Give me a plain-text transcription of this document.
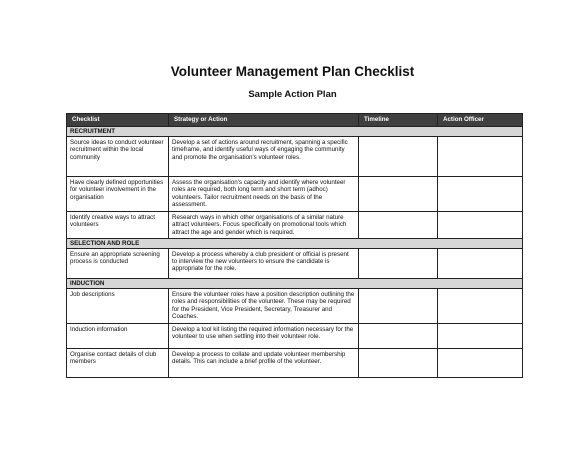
Volunteer Management Plan Checklist
Sample Action Plan
Checklist	Strategy or Action	Timeline	Action Officer
RECRUITMENT			
Source ideas to conduct volunteer recruitment within the local community	Develop a set of actions around recruitment, spanning a specific timeframe, and identify useful ways of engaging the community and promote the organisation's volunteer roles.		
Have clearly defined opportunities for volunteer involvement in the organisation	Assess the organisation's capacity and identify where volunteer roles are required, both long term and short term (adhoc) volunteers. Tailor recruitment needs on the basis of the assessment.		
Identify creative ways to attract volunteers	Research ways in which other organisations of a similar nature attract volunteers. Focus specifically on promotional tools which attract the age and gender which is required.		
SELECTION AND ROLE			
Ensure an appropriate screening process is conducted	Develop a process whereby a club president or official is present to interview the new volunteers to ensure the candidate is appropriate for the role.		
INDUCTION			
Job descriptions	Ensure the volunteer roles have a position description outlining the roles and responsibilities of the volunteer. These may be required for the President, Vice President, Secretary, Treasurer and Coaches.		
Induction information	Develop a tool kit listing the required information necessary for the volunteer to use when settling into their volunteer role.		
Organise contact details of club members	Develop a process to collate and update volunteer membership details. This can include a brief profile of the volunteer.		
